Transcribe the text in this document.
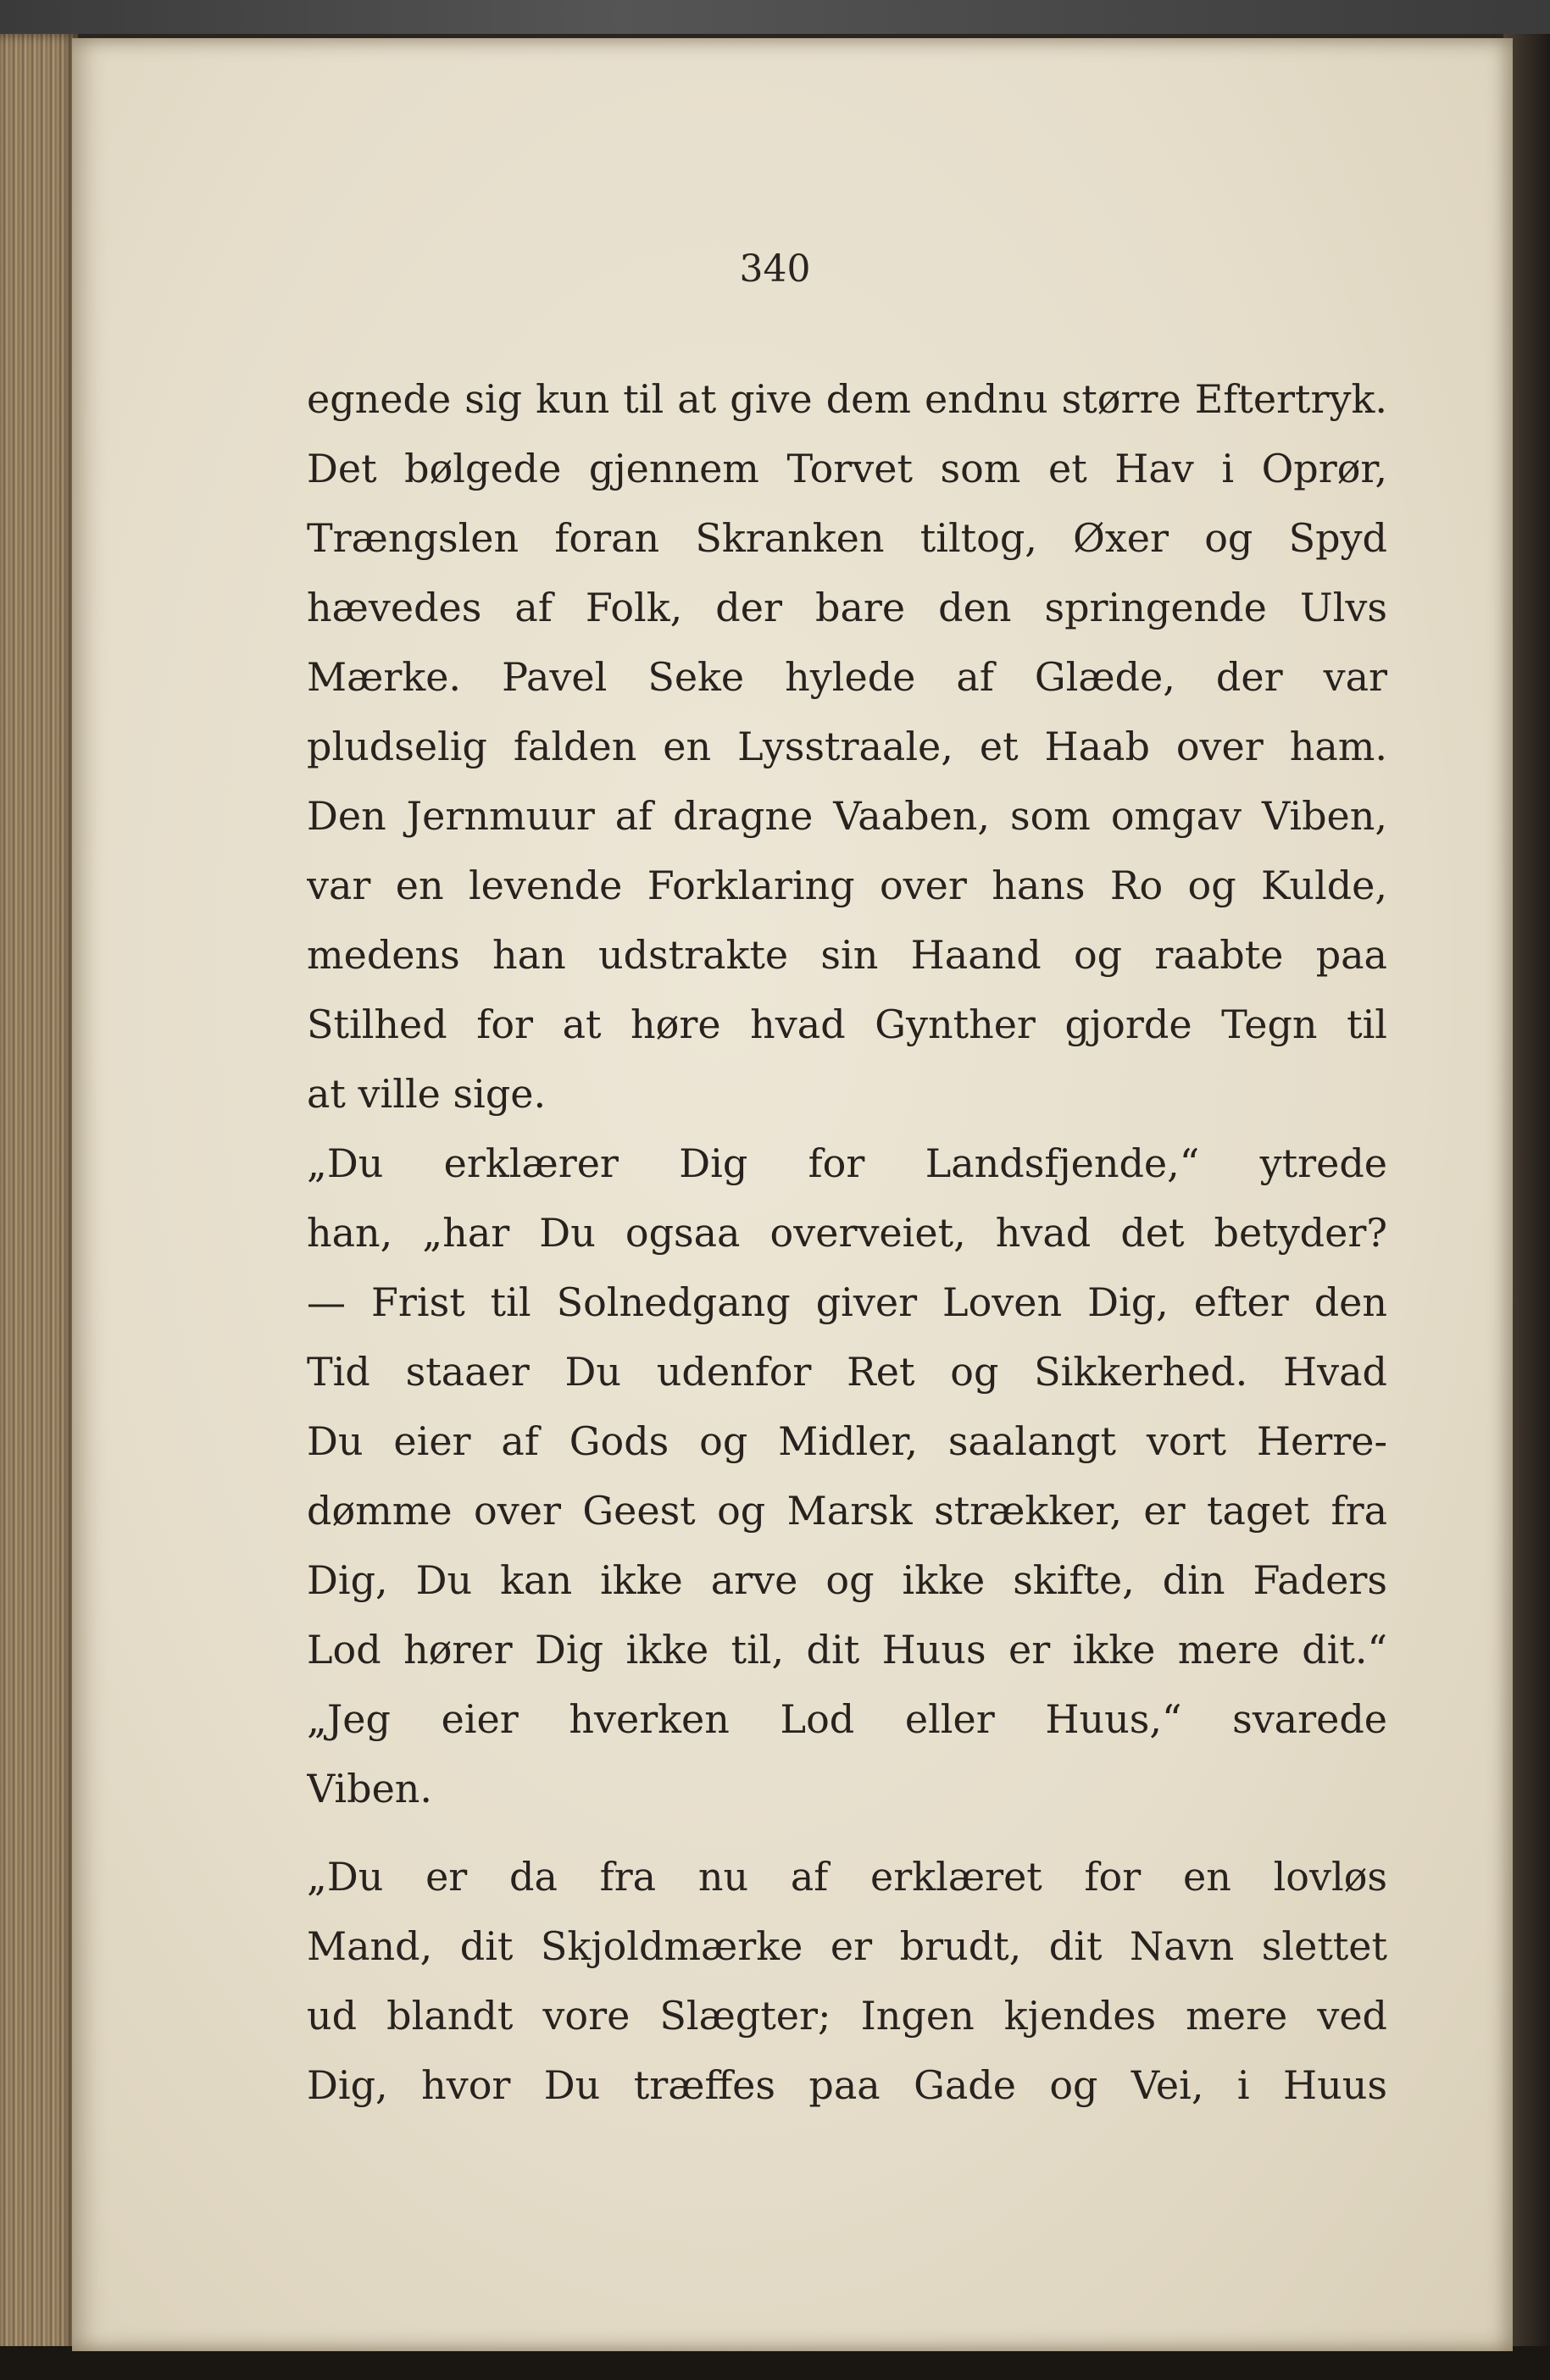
340
egnede sig kun til at give dem endnu større Eftertryk.
Det bølgede gjennem Torvet som et Hav i Oprør,
Trængslen foran Skranken tiltog, Øxer og Spyd
hævedes af Folk, der bare den springende Ulvs
Mærke. Pavel Seke hylede af Glæde, der var
pludselig falden en Lysstraale, et Haab over ham.
Den Jernmuur af dragne Vaaben, som omgav Viben,
var en levende Forklaring over hans Ro og Kulde,
medens han udstrakte sin Haand og raabte paa
Stilhed for at høre hvad Gynther gjorde Tegn til
at ville sige.
„Du erklærer Dig for Landsfjende,“ ytrede
han, „har Du ogsaa overveiet, hvad det betyder?
— Frist til Solnedgang giver Loven Dig, efter den
Tid staaer Du udenfor Ret og Sikkerhed. Hvad
Du eier af Gods og Midler, saalangt vort Herre-
dømme over Geest og Marsk strækker, er taget fra
Dig, Du kan ikke arve og ikke skifte, din Faders
Lod hører Dig ikke til, dit Huus er ikke mere dit.“
„Jeg eier hverken Lod eller Huus,“ svarede
Viben.
„Du er da fra nu af erklæret for en lovløs
Mand, dit Skjoldmærke er brudt, dit Navn slettet
ud blandt vore Slægter; Ingen kjendes mere ved
Dig, hvor Du træffes paa Gade og Vei, i Huus
